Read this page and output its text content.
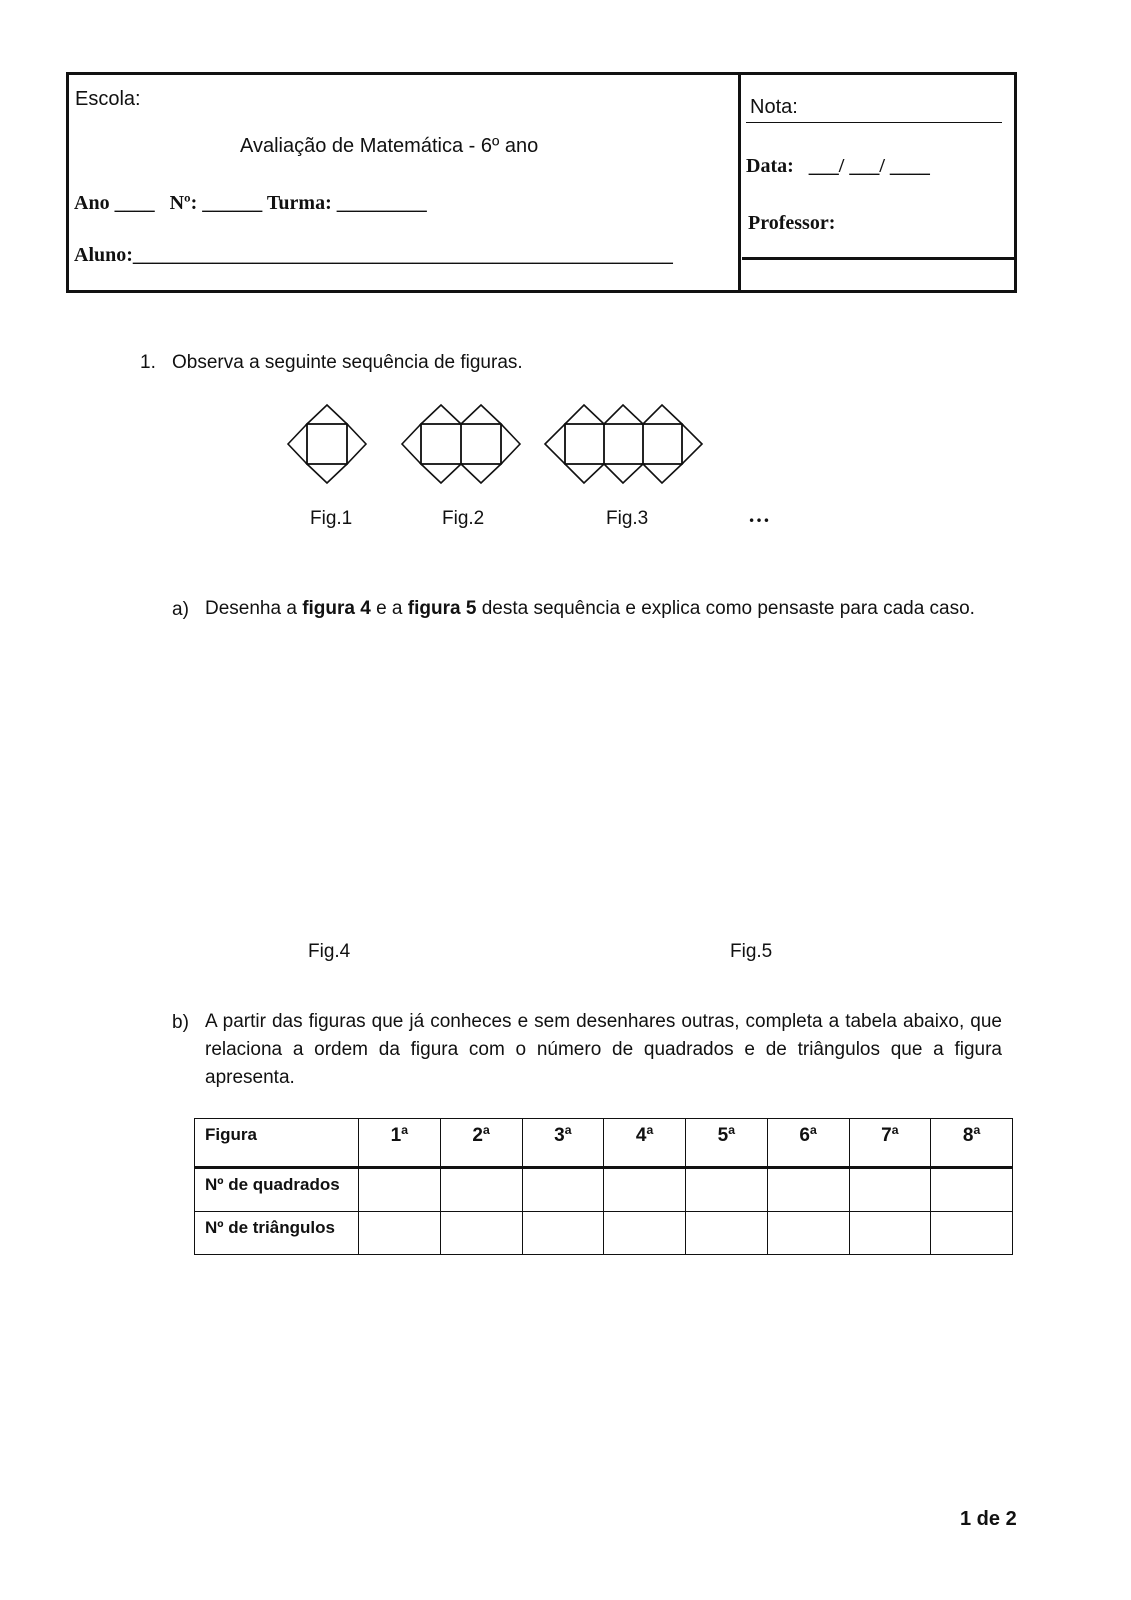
Escola:
Avaliação de Matemática - 6º ano
Ano ____   Nº: ______ Turma: _________
Aluno:______________________________________________________
Nota:
Data:   ___/ ___/ ____
Professor:
1. Observa a seguinte sequência de figuras.
Fig.1	Fig.2	Fig.3	…
a) Desenha a figura 4 e a figura 5 desta sequência e explica como pensaste para cada caso.
Fig.4	Fig.5
b) A partir das figuras que já conheces e sem desenhares outras, completa a tabela abaixo, que relaciona a ordem da figura com o número de quadrados e de triângulos que a figura apresenta.
Figura	1ª	2ª	3ª	4ª	5ª	6ª	7ª	8ª
Nº de quadrados								
Nº de triângulos								
1 de 2
